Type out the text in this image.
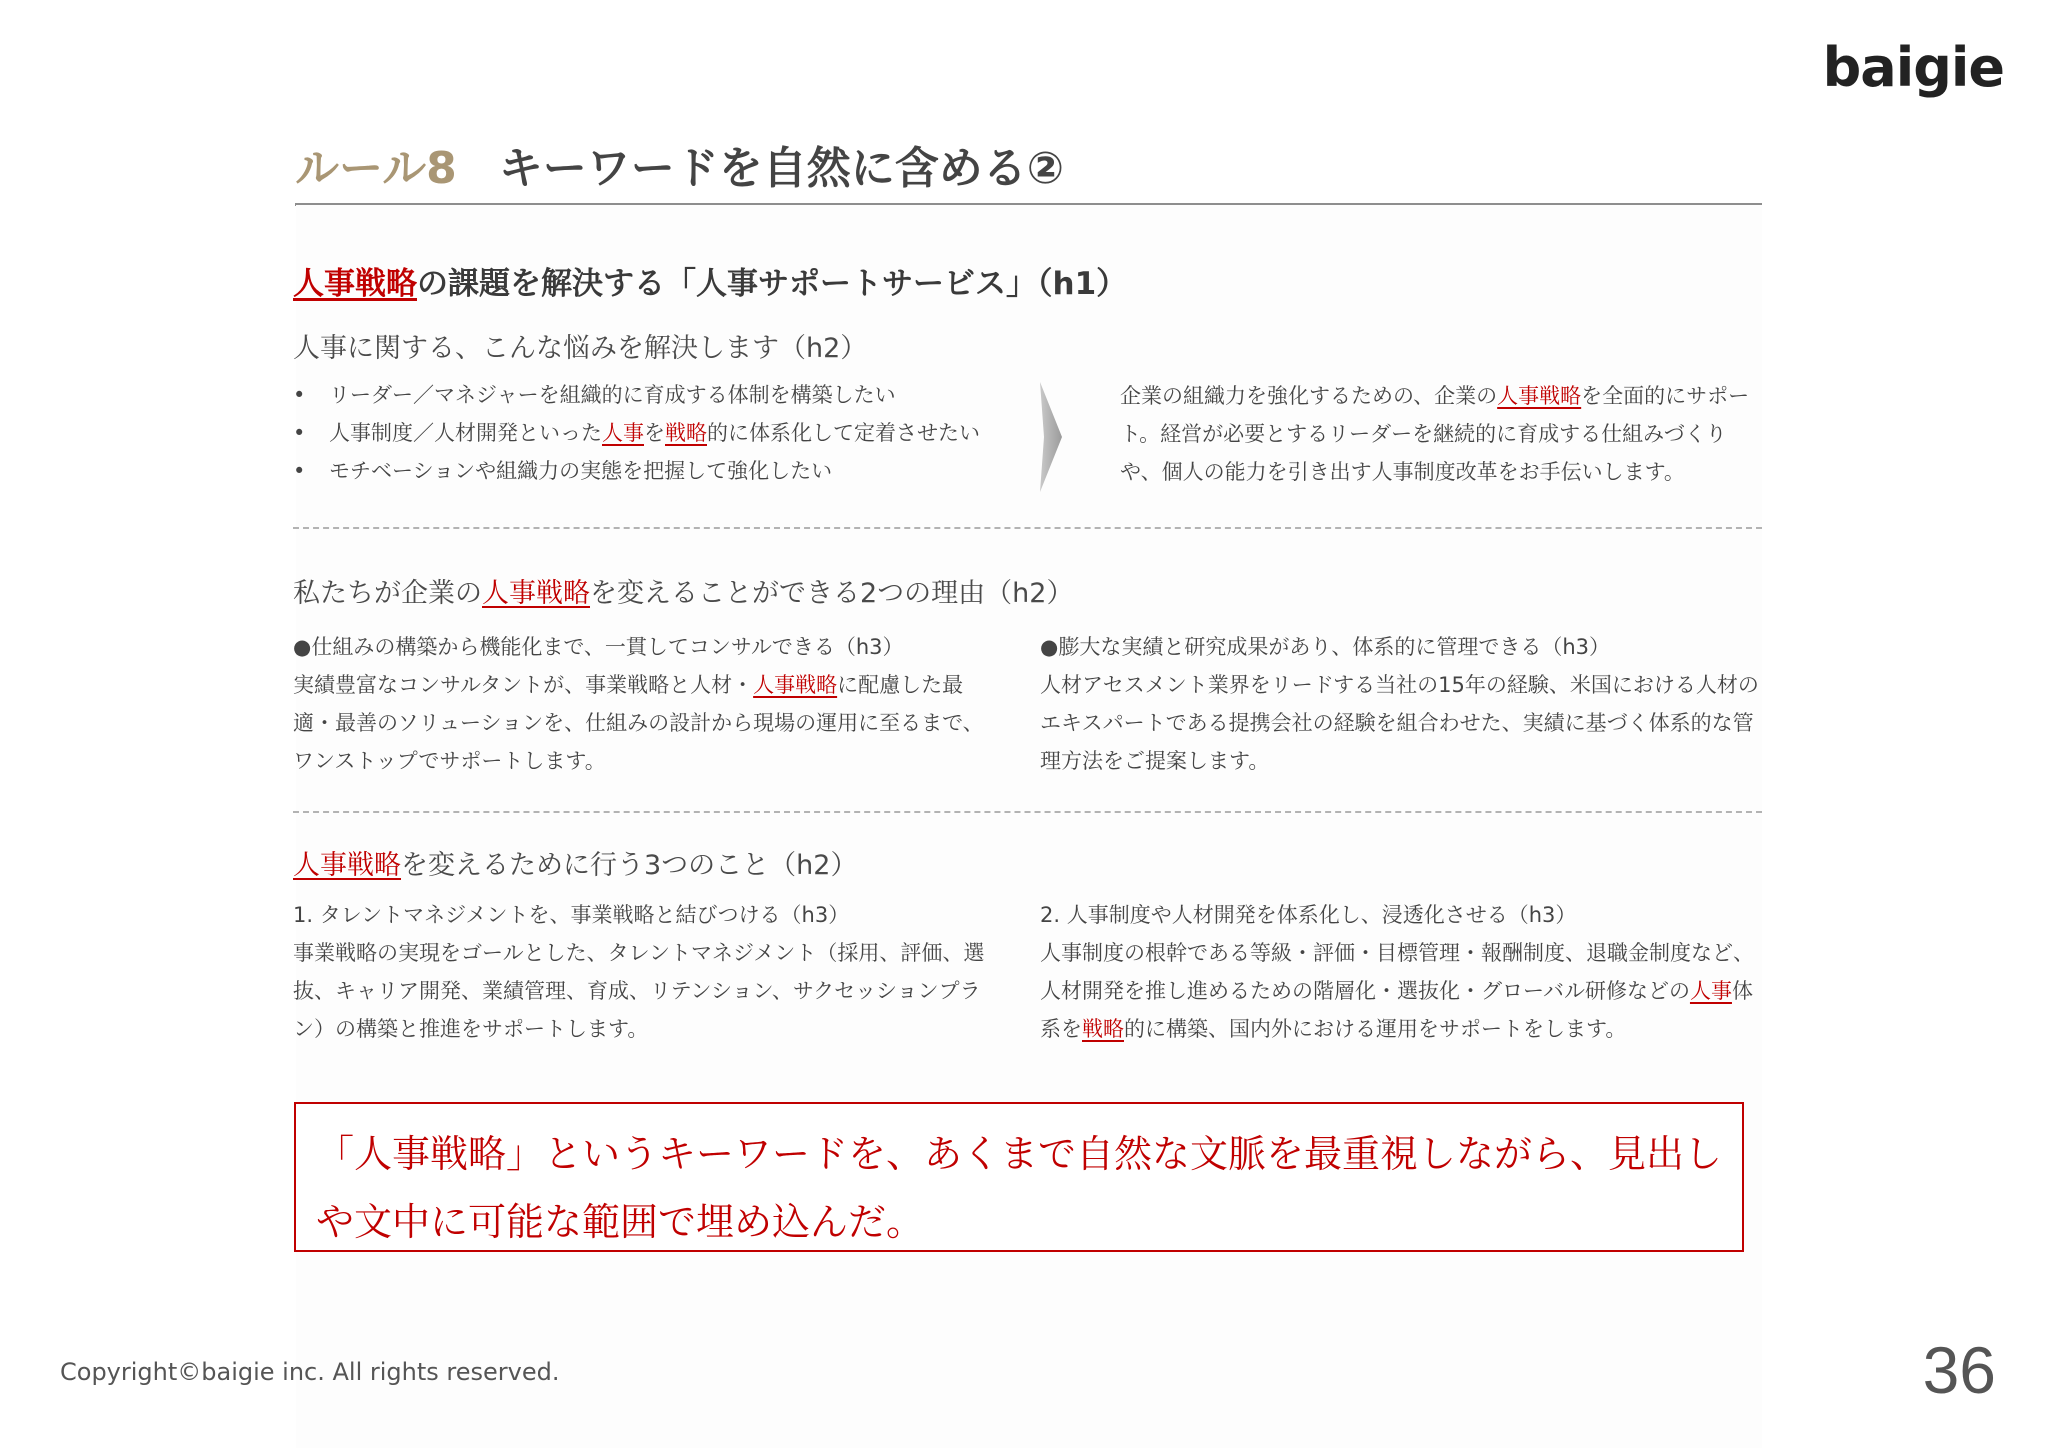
baigie
ルール8 キーワードを自然に含める②
人事戦略の課題を解決する「人事サポートサービス」（h1）
人事に関する、こんな悩みを解決します（h2）
• リーダー／マネジャーを組織的に育成する体制を構築したい
• 人事制度／人材開発といった人事を戦略的に体系化して定着させたい
• モチベーションや組織力の実態を把握して強化したい
企業の組織力を強化するための、企業の人事戦略を全面的にサポート。経営が必要とするリーダーを継続的に育成する仕組みづくりや、個人の能力を引き出す人事制度改革をお手伝いします。
私たちが企業の人事戦略を変えることができる2つの理由（h2）
●仕組みの構築から機能化まで、一貫してコンサルできる（h3）
実績豊富なコンサルタントが、事業戦略と人材・人事戦略に配慮した最適・最善のソリューションを、仕組みの設計から現場の運用に至るまで、ワンストップでサポートします。
●膨大な実績と研究成果があり、体系的に管理できる（h3）
人材アセスメント業界をリードする当社の15年の経験、米国における人材のエキスパートである提携会社の経験を組合わせた、実績に基づく体系的な管理方法をご提案します。
人事戦略を変えるために行う3つのこと（h2）
1. タレントマネジメントを、事業戦略と結びつける（h3）
事業戦略の実現をゴールとした、タレントマネジメント（採用、評価、選抜、キャリア開発、業績管理、育成、リテンション、サクセッションプラン）の構築と推進をサポートします。
2. 人事制度や人材開発を体系化し、浸透化させる（h3）
人事制度の根幹である等級・評価・目標管理・報酬制度、退職金制度など、人材開発を推し進めるための階層化・選抜化・グローバル研修などの人事体系を戦略的に構築、国内外における運用をサポートをします。
「人事戦略」というキーワードを、あくまで自然な文脈を最重視しながら、見出しや文中に可能な範囲で埋め込んだ。
Copyright©baigie inc. All rights reserved.	36
